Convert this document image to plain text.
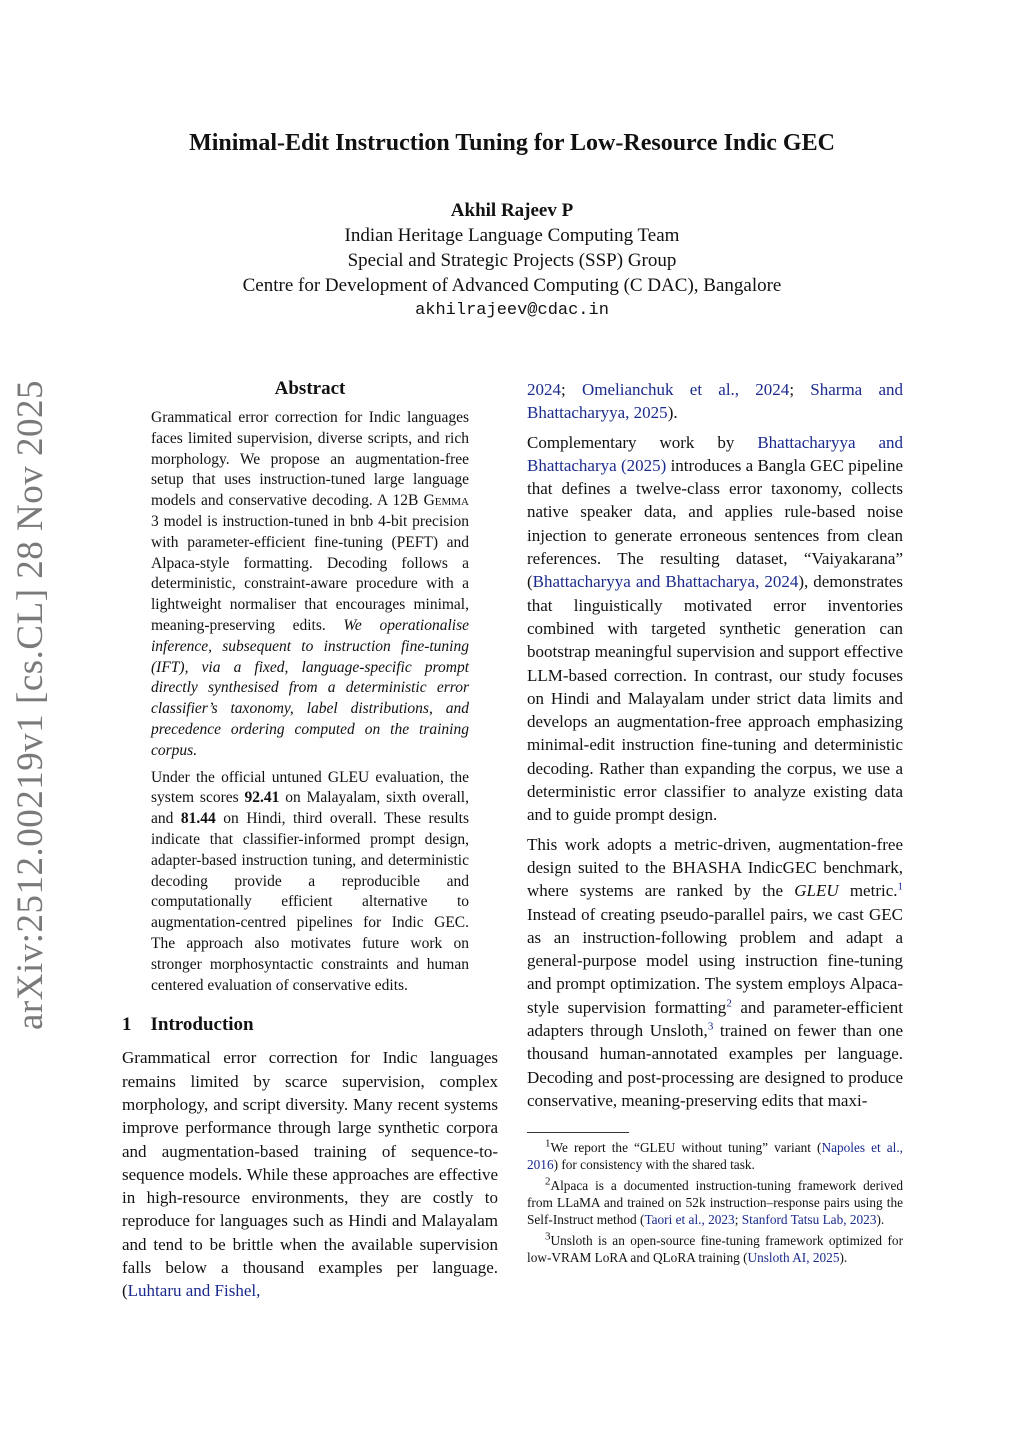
arXiv:2512.00219v1 [cs.CL] 28 Nov 2025
Minimal-Edit Instruction Tuning for Low-Resource Indic GEC
Akhil Rajeev P
Indian Heritage Language Computing Team
Special and Strategic Projects (SSP) Group
Centre for Development of Advanced Computing (C DAC), Bangalore
akhilrajeev@cdac.in
Abstract

Grammatical error correction for Indic languages faces limited supervision, diverse scripts, and rich morphology. We propose an augmentation-free setup that uses instruction-tuned large language models and conservative decoding. A 12B Gemma 3 model is instruction-tuned in bnb 4-bit precision with parameter-efficient fine-tuning (PEFT) and Alpaca-style formatting. Decoding follows a deterministic, constraint-aware procedure with a lightweight normaliser that encourages minimal, meaning-preserving edits. We operationalise inference, subsequent to instruction fine-tuning (IFT), via a fixed, language-specific prompt directly synthesised from a deterministic error classifier’s taxonomy, label distributions, and precedence ordering computed on the training corpus.

Under the official untuned GLEU evaluation, the system scores 92.41 on Malayalam, sixth overall, and 81.44 on Hindi, third overall. These results indicate that classifier-informed prompt design, adapter-based instruction tuning, and deterministic decoding provide a reproducible and computationally efficient alternative to augmentation-centred pipelines for Indic GEC. The approach also motivates future work on stronger morphosyntactic constraints and human centered evaluation of conservative edits.

1 Introduction

Grammatical error correction for Indic languages remains limited by scarce supervision, complex morphology, and script diversity. Many recent systems improve performance through large synthetic corpora and augmentation-based training of sequence-to-sequence models. While these approaches are effective in high-resource environments, they are costly to reproduce for languages such as Hindi and Malayalam and tend to be brittle when the available supervision falls below a thousand examples per language. (Luhtaru and Fishel,

2024; Omelianchuk et al., 2024; Sharma and Bhattacharyya, 2025).

Complementary work by Bhattacharyya and Bhattacharya (2025) introduces a Bangla GEC pipeline that defines a twelve-class error taxonomy, collects native speaker data, and applies rule-based noise injection to generate erroneous sentences from clean references. The resulting dataset, “Vaiyakarana” (Bhattacharyya and Bhattacharya, 2024), demonstrates that linguistically motivated error inventories combined with targeted synthetic generation can bootstrap meaningful supervision and support effective LLM-based correction. In contrast, our study focuses on Hindi and Malayalam under strict data limits and develops an augmentation-free approach emphasizing minimal-edit instruction fine-tuning and deterministic decoding. Rather than expanding the corpus, we use a deterministic error classifier to analyze existing data and to guide prompt design.

This work adopts a metric-driven, augmentation-free design suited to the BHASHA IndicGEC benchmark, where systems are ranked by the GLEU metric.$^1$ Instead of creating pseudo-parallel pairs, we cast GEC as an instruction-following problem and adapt a general-purpose model using instruction fine-tuning and prompt optimization. The system employs Alpaca-style supervision formatting$^2$ and parameter-efficient adapters through Unsloth,$^3$ trained on fewer than one thousand human-annotated examples per language. Decoding and post-processing are designed to produce conservative, meaning-preserving edits that maxi-

$^1$We report the “GLEU without tuning” variant (Napoles et al., 2016) for consistency with the shared task.

$^2$Alpaca is a documented instruction-tuning framework derived from LLaMA and trained on 52k instruction–response pairs using the Self-Instruct method (Taori et al., 2023; Stanford Tatsu Lab, 2023).

$^3$Unsloth is an open-source fine-tuning framework optimized for low-VRAM LoRA and QLoRA training (Unsloth AI, 2025).
